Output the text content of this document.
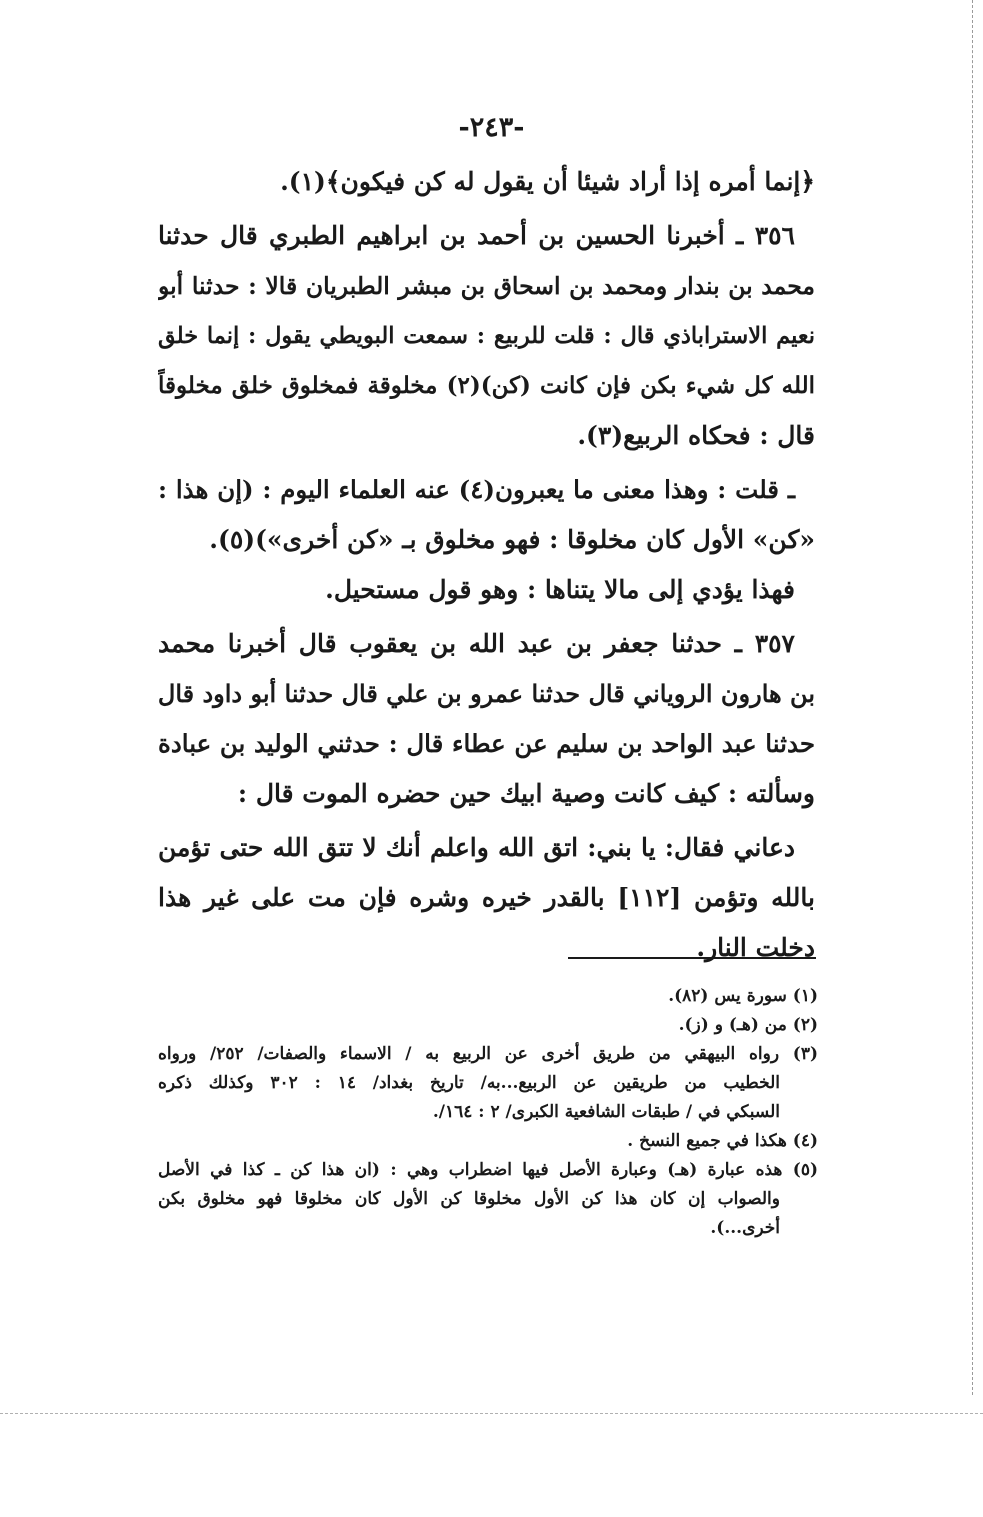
-٢٤٣-
﴿إنما أمره إذا أراد شيئا أن يقول له كن فيكون﴾(١).
٣٥٦ ـ أخبرنا الحسين بن أحمد بن ابراهيم الطبري قال حدثنا
محمد بن بندار ومحمد بن اسحاق بن مبشر الطبريان قالا : حدثنا أبو
نعيم الاستراباذي قال : قلت للربيع : سمعت البويطي يقول : إنما خلق
الله كل شيء بكن فإن كانت (كن)(٢) مخلوقة فمخلوق خلق مخلوقاً
قال : فحكاه الربيع(٣).
ـ قلت : وهذا معنى ما يعبرون(٤) عنه العلماء اليوم : (إن هذا :
«كن» الأول كان مخلوقا : فهو مخلوق بـ «كن أخرى»)(٥).
فهذا يؤدي إلى مالا يتناها : وهو قول مستحيل.
٣٥٧ ـ حدثنا جعفر بن عبد الله بن يعقوب قال أخبرنا محمد
بن هارون الروياني قال حدثنا عمرو بن علي قال حدثنا أبو داود قال
حدثنا عبد الواحد بن سليم عن عطاء قال : حدثني الوليد بن عبادة
وسألته : كيف كانت وصية ابيك حين حضره الموت قال :
دعاني فقال: يا بني: اتق الله واعلم أنك لا تتق الله حتى تؤمن
بالله وتؤمن [١١٢] بالقدر خيره وشره فإن مت على غير هذا
دخلت النار.
(١) سورة يس (٨٢).
(٢) من (هـ) و (ز).
(٣) رواه البيهقي من طريق أخرى عن الربيع به / الاسماء والصفات/ ٢٥٢/ ورواه
الخطيب من طريقين عن الربيع...به/ تاريخ بغداد/ ١٤ : ٣٠٢ وكذلك ذكره
السبكي في / طبقات الشافعية الكبرى/ ٢ : ١٦٤/.
(٤) هكذا في جميع النسخ .
(٥) هذه عبارة (هـ) وعبارة الأصل فيها اضطراب وهي : (ان هذا كن ـ كذا في الأصل
والصواب إن كان هذا كن الأول مخلوقا كن الأول كان مخلوقا فهو مخلوق بكن
أخرى...).
